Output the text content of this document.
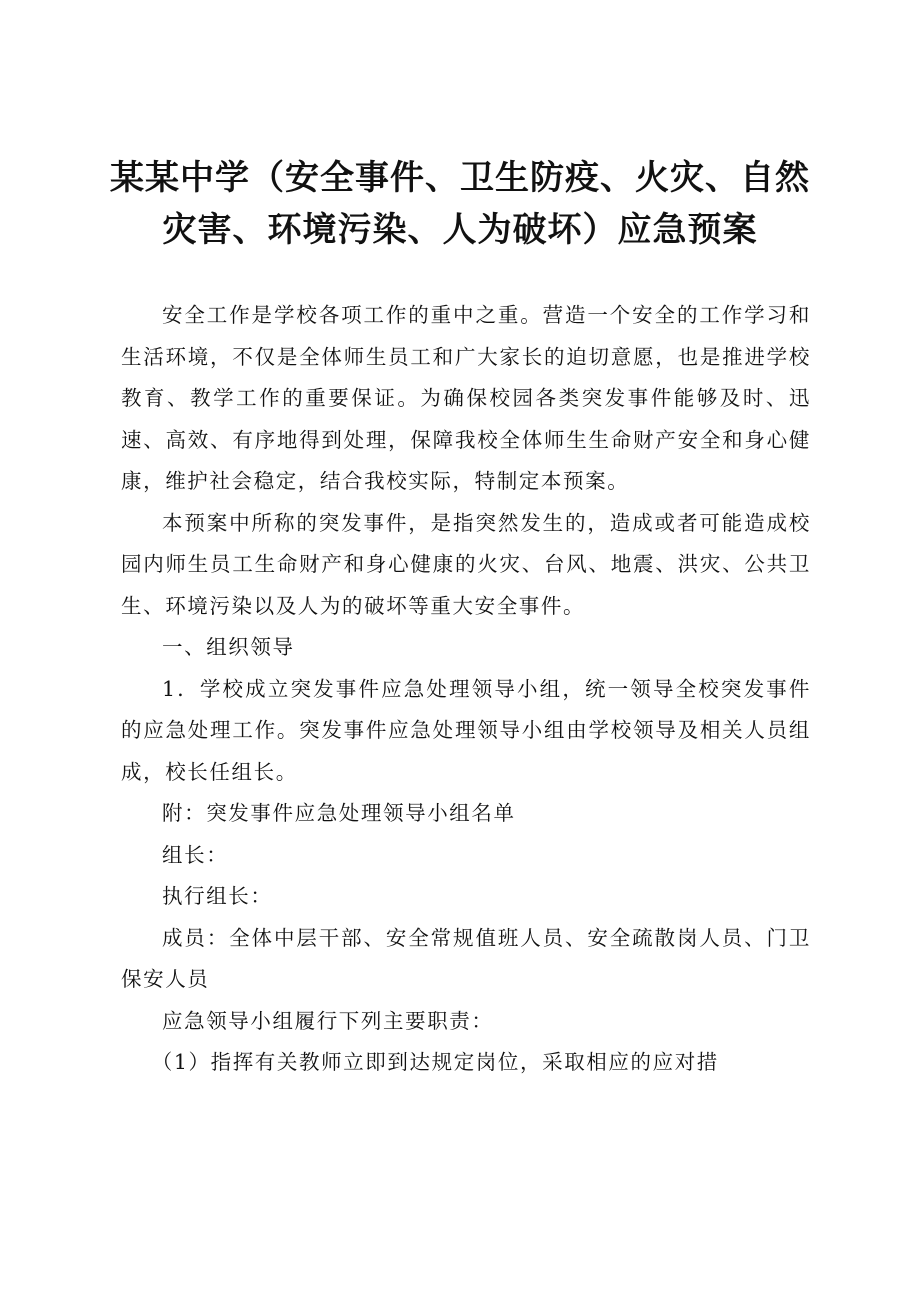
某某中学（安全事件、卫生防疫、火灾、自然
灾害、环境污染、人为破坏）应急预案

安全工作是学校各项工作的重中之重。营造一个安全的工作学习和生活环境，不仅是全体师生员工和广大家长的迫切意愿，也是推进学校教育、教学工作的重要保证。为确保校园各类突发事件能够及时、迅速、高效、有序地得到处理，保障我校全体师生生命财产安全和身心健康，维护社会稳定，结合我校实际，特制定本预案。

本预案中所称的突发事件，是指突然发生的，造成或者可能造成校园内师生员工生命财产和身心健康的火灾、台风、地震、洪灾、公共卫生、环境污染以及人为的破坏等重大安全事件。

一、组织领导

1．学校成立突发事件应急处理领导小组，统一领导全校突发事件的应急处理工作。突发事件应急处理领导小组由学校领导及相关人员组成，校长任组长。

附：突发事件应急处理领导小组名单

组长：

执行组长：

成员：全体中层干部、安全常规值班人员、安全疏散岗人员、门卫保安人员

应急领导小组履行下列主要职责：

（1）指挥有关教师立即到达规定岗位，采取相应的应对措
